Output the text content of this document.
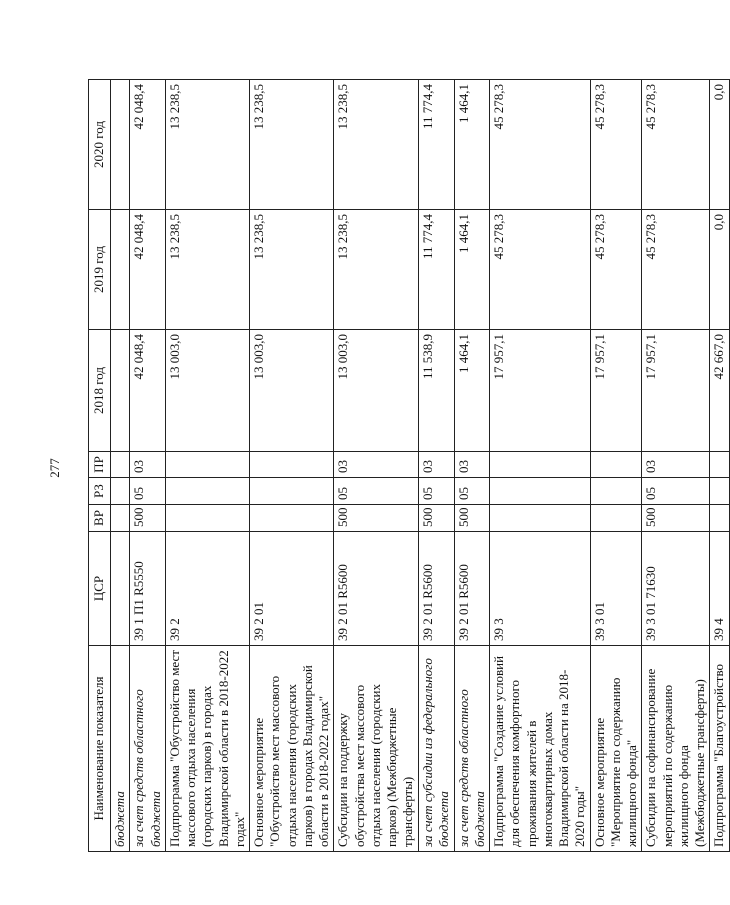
277
Наименование показателя	ЦСР	ВР	РЗ	ПР	2018 год	2019 год	2020 год
бюджета							
за счет средств областного бюджета	39 1 П1 R5550	500	05	03	42 048,4	42 048,4	42 048,4
Подпрограмма "Обустройство мест массового отдыха населения (городских парков) в городах Владимирской области в 2018-2022 годах"	39 2				13 003,0	13 238,5	13 238,5
Основное мероприятие "Обустройство мест массового отдыха населения (городских парков) в городах Владимирской области в 2018-2022 годах"	39 2 01				13 003,0	13 238,5	13 238,5
Субсидии на поддержку обустройства мест массового отдыха населения (городских парков) (Межбюджетные трансферты)	39 2 01 R5600	500	05	03	13 003,0	13 238,5	13 238,5
за счет субсидии из федерального бюджета	39 2 01 R5600	500	05	03	11 538,9	11 774,4	11 774,4
за счет средств областного бюджета	39 2 01 R5600	500	05	03	1 464,1	1 464,1	1 464,1
Подпрограмма "Создание условий для обеспечения комфортного проживания жителей в многоквартирных домах Владимирской области на 2018-2020 годы"	39 3				17 957,1	45 278,3	45 278,3
Основное мероприятие "Мероприятие по содержанию жилищного фонда"	39 3 01				17 957,1	45 278,3	45 278,3
Субсидии на софинансирование мероприятий по содержанию жилищного фонда (Межбюджетные трансферты)	39 3 01 71630	500	05	03	17 957,1	45 278,3	45 278,3
Подпрограмма "Благоустройство	39 4				42 667,0	0,0	0,0
